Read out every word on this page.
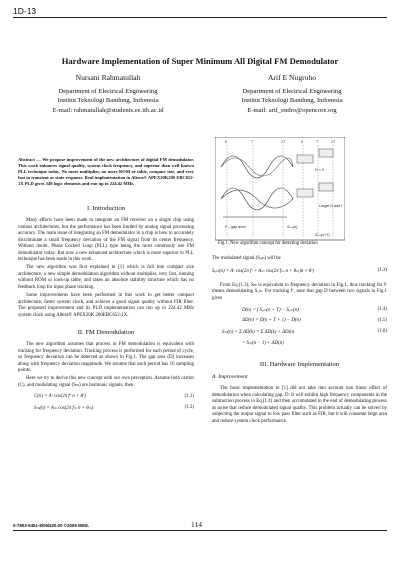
1D-13
Hardware Implementation of Super Minimum All Digital FM Demodulator
Nursani Rahmatullah
Department of Electrical Engineering
Institut Teknologi Bandung, Indonesia
E-mail: rahmatullah@students.ee.itb.ac.id
Arif E Nugroho
Department of Electrical Engineering
Institut Teknologi Bandung, Indonesia
E-mail: arif_endro@opencore.org
Abstract — We propose improvement of the new architecture of digital FM demodulator. This work enhances signal quality, system clock frequency, and superior than well known PLL technique today. No more multiplier, no more ROM or table, compact size, and very fast in transient or state response. Real implementation in Altera® APEX20K200 EBC652-1X PLD gives 348 logic elements and run up to 224.42 MHz.
I. Introduction

Many efforts have been made to integrate an FM receiver on a single chip using various architectures, but the performance has been limited by analog signal processing accuracy. The main issue of integrating an FM demodulator in a chip is how to accurately discriminate a small frequency deviation of the FM signal from its center frequency. Without doubt, Phase Locked Loop (PLL) type being the most commonly use FM demodulator today. But now a new enhanced architecture which is more superior to PLL technique has been made in this work.

The new algorithm was first explained in [1] which is full into compact size architecture, a new simple demodulation algorithm without multiplier, very fast, running without ROM or look-up table, and takes an absolute stability structure which has no feedback loop for input phase tracking.

Some improvements have been performed in this work to get better compact architecture, faster system clock, and achieve a good signal quality without FIR filter. The proposed improvement and its PLD implementation can run up to 224.42 MHz system clock using Altera® APEX20K 200EBC652-1X.

II. FM Demodulation

The new algorithm assumes that process in FM demodulation is equivalent with tracking for frequency deviation. Tracking process is performed for each period of cycle, so frequency deviation can be detected as shown in Fig.1. The gap area (D) increases along with frequency deviation magnitude. We assume that each period has 16 sampling points.

Here we try to derive this new concept with our own perception. Assume both carrier (C), and modulating signal (Sₘ) are harmonic signals, then

C(n) = Aᶜ cos(2π fᶜ n + θᶜ)	(1.1)
Sₘ(n) = Aₘ cos(2π fₘ n + θₘ)	(1.2)
0	T	2T	0	T	2T
D = 0
Larger D and f
fᶜ – gap area	Sₒₘ(n)
Sₒₘ(n+T)
Fig.1. New algorithm concept for detecting deviation
The modulated signal (Sₒₘ) will be
Sₒₘ(n) = Aᶜ cos(2π fᶜ + Aₘ cos(2π fₘ n + θₘ)n + θᶜ)	(1.3)
From Eq.(1.3), Sₘ is equivalent to frequency deviation in Fig.1, thus tracking for fᶜ means demodulating Sₒₘ. For tracking fᶜ, note that gap D between two signals in Fig.1 gives
D(n) = ∫ Sₒₘ(n + T) − Sₒₘ(n)	(1.4)
ΔD(n) = D(n + T + 1) − D(n)	(1.5)
Sₘ(n) = Σ ΔD(k) = Σ ΔD(k) + ΔD(n)	(1.6)
= Sₘ(n − 1) + ΔD(n)
III. Hardware Implementation
A. Improvement
The basic implementation in [1] did not take into account non linear effect of demodulation when calculating gap, D. It will exhibit high frequency components in the subtraction process in Eq.(1.4) and then accumulated in the end of demodulating process as noise that reduce demodulated signal quality. This problem actually can be solved by subjecting the output signal to low pass filter such as FIR, but it will consume large area and reduce system clock performance.
0-7803-9451-8/06/$20.00 ©2006 IEEE.	114
